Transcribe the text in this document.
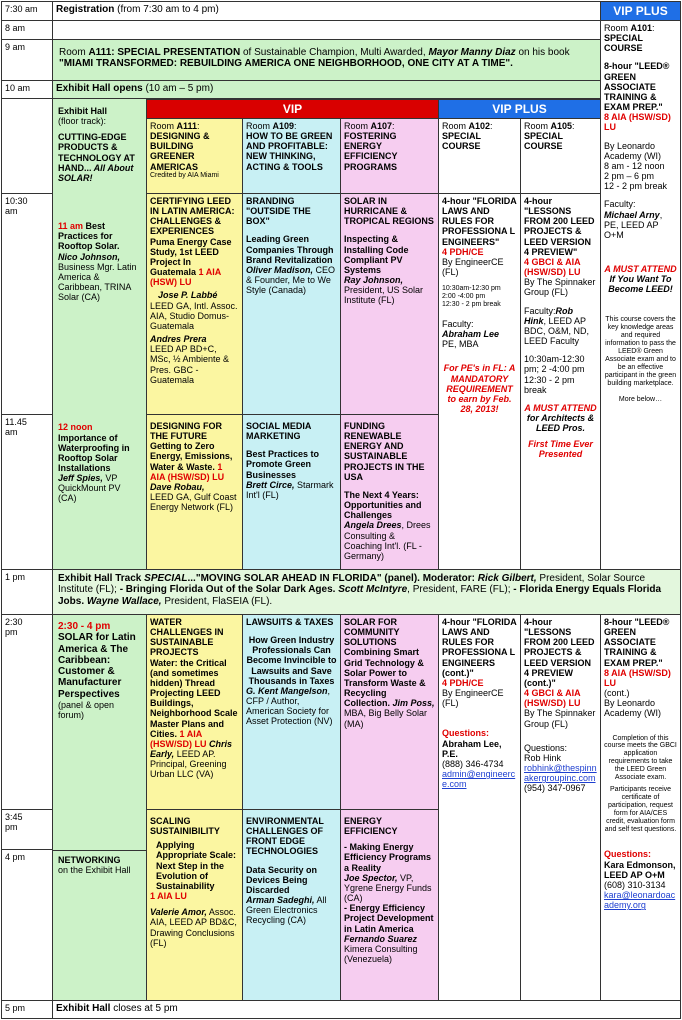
7:30 am
8 am
9 am
10 am
10:30
am
11.45
am
1 pm
2:30
pm
3:45
pm
4 pm
5 pm
Registration (from 7:30 am to 4 pm)
Room A111: SPECIAL PRESENTATION of Sustainable Champion, Multi Awarded, Mayor Manny Diaz on his book "MIAMI TRANSFORMED: REBUILDING AMERICA ONE NEIGHBORHOOD, ONE CITY AT A TIME".
Exhibit Hall opens (10 am – 5 pm)
VIP	VIP PLUS
VIP PLUS
Exhibit Hall
(floor track):
CUTTING-EDGE PRODUCTS & TECHNOLOGY AT HAND... All About SOLAR!
11 am Best Practices for Rooftop Solar.
Nico Johnson,
Business Mgr. Latin America & Caribbean, TRINA Solar (CA)
12 noon
Importance of Waterproofing in Rooftop Solar Installations
Jeff Spies, VP QuickMount PV (CA)
Exhibit Hall Track SPECIAL..."MOVING SOLAR AHEAD IN FLORIDA" (panel). Moderator: Rick Gilbert, President, Solar Source Institute (FL); - Bringing Florida Out of the Solar Dark Ages. Scott McIntyre, President, FARE (FL); - Florida Energy Equals Florida Jobs. Wayne Wallace, President, FlaSEIA (FL).
2:30 - 4 pm
SOLAR for Latin America & The Caribbean: Customer & Manufacturer Perspectives
(panel & open forum)
NETWORKING
on the Exhibit Hall
Room A111:
DESIGNING & BUILDING GREENER AMERICAS
Credited by AIA Miami
CERTIFYING LEED IN LATIN AMERICA: CHALLENGES & EXPERIENCES
Puma Energy Case Study, 1st LEED Project In Guatemala 1 AIA (HSW) LU
Jose P. Labbé
LEED GA, Intl. Assoc. AIA, Studio Domus-Guatemala
Andres Prera
LEED AP BD+C, MSc, ½ Ambiente & Pres. GBC - Guatemala
DESIGNING FOR THE FUTURE
Getting to Zero Energy, Emissions, Water & Waste. 1 AIA (HSW/SD) LU
Dave Robau,
LEED GA, Gulf Coast Energy Network (FL)
WATER CHALLENGES IN SUSTAINABLE PROJECTS
Water: the Critical (and sometimes hidden) Thread Projecting LEED Buildings, Neighborhood Scale Master Plans and Cities. 1 AIA (HSW/SD) LU Chris Early, LEED AP. Principal, Greening Urban LLC (VA)
SCALING SUSTAINIBILITY
Applying Appropriate Scale: Next Step in the Evolution of Sustainability
1 AIA LU
Valerie Amor, Assoc. AIA, LEED AP BD&C, Drawing Conclusions (FL)
Room A109:
HOW TO BE GREEN AND PROFITABLE: NEW THINKING, ACTING & TOOLS
BRANDING "OUTSIDE THE BOX"
Leading Green Companies Through Brand Revitalization
Oliver Madison, CEO & Founder, Me to We Style (Canada)
SOCIAL MEDIA MARKETING
Best Practices to Promote Green Businesses
Brett Circe, Starmark Int'l (FL)
LAWSUITS & TAXES
How Green Industry Professionals Can Become Invincible to Lawsuits and Save Thousands in Taxes
G. Kent Mangelson, CFP / Author, American Society for Asset Protection (NV)
ENVIRONMENTAL CHALLENGES OF FRONT EDGE TECHNOLOGIES
Data Security on Devices Being Discarded
Arman Sadeghi, All Green Electronics Recycling (CA)
Room A107:
FOSTERING ENERGY EFFICIENCY PROGRAMS
SOLAR IN HURRICANE & TROPICAL REGIONS
Inspecting & Installing Code Compliant PV Systems
Ray Johnson, President, US Solar Institute (FL)
FUNDING RENEWABLE ENERGY AND SUSTAINABLE PROJECTS IN THE USA
The Next 4 Years: Opportunities and Challenges
Angela Drees, Drees Consulting & Coaching Int'l. (FL - Germany)
SOLAR FOR COMMUNITY SOLUTIONS
Combining Smart Grid Technology & Solar Power to Transform Waste & Recycling Collection. Jim Poss, MBA, Big Belly Solar (MA)
ENERGY EFFICIENCY
- Making Energy Efficiency Programs a Reality
Joe Spector, VP, Ygrene Energy Funds (CA)
- Energy Efficiency Project Development in Latin America
Fernando Suarez
Kimera Consulting (Venezuela)
Room A102:
SPECIAL COURSE
4-hour "FLORIDA LAWS AND RULES FOR PROFESSIONA L ENGINEERS"
4 PDH/CE
By EngineerCE (FL)
10:30am-12:30 pm
2:00 -4:00 pm
12:30 - 2 pm break
Faculty:
Abraham Lee
PE, MBA
For PE's in FL: A MANDATORY REQUIREMENT to earn by Feb. 28, 2013!
4-hour "FLORIDA LAWS AND RULES FOR PROFESSIONA L ENGINEERS (cont.)"
4 PDH/CE
By EngineerCE (FL)
Questions:
Abraham Lee, P.E.
(888) 346-4734
admin@engineerce.com
Room A105:
SPECIAL COURSE
4-hour "LESSONS FROM 200 LEED PROJECTS & LEED VERSION 4 PREVIEW"
4 GBCI & AIA (HSW/SD) LU
By The Spinnaker Group (FL)
Faculty:Rob Hink, LEED AP BDC, O&M, ND, LEED Faculty
10:30am-12:30 pm; 2 -4:00 pm
12:30 - 2 pm break
A MUST ATTEND
for Architects & LEED Pros.
First Time Ever Presented
4-hour "LESSONS FROM 200 LEED PROJECTS & LEED VERSION 4 PREVIEW (cont.)"
4 GBCI & AIA (HSW/SD) LU
By The Spinnaker Group (FL)
Questions:
Rob Hink
robhink@thespinnakergroupinc.com
(954) 347-0967
Room A101:
SPECIAL COURSE
8-hour "LEED® GREEN ASSOCIATE TRAINING & EXAM PREP."
8 AIA (HSW/SD) LU
By Leonardo Academy (WI)
8 am - 12 noon
2 pm – 6 pm
12 - 2 pm break
Faculty:
Michael Arny, PE, LEED AP O+M
A MUST ATTEND
If You Want To Become LEED!
This course covers the key knowledge areas and required information to pass the LEED® Green Associate exam and to be an effective participant in the green building marketplace.
More below…
8-hour "LEED® GREEN ASSOCIATE TRAINING & EXAM PREP."
8 AIA (HSW/SD) LU
(cont.)
By Leonardo Academy (WI)
Completion of this course meets the GBCI application requirements to take the LEED Green Associate exam.
Participants receive certificate of participation, request form for AIA/CES credit, evaluation form and self test questions.
Questions:
Kara Edmonson, LEED AP O+M
(608) 310-3134
kara@leonardoacademy.org
Exhibit Hall closes at 5 pm
